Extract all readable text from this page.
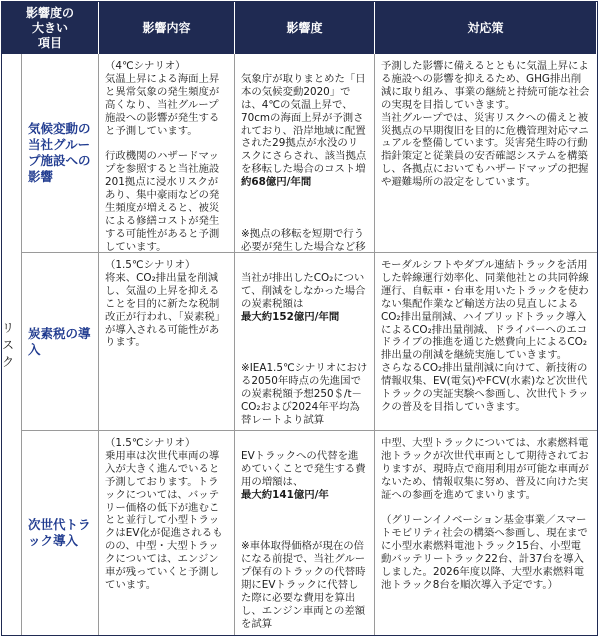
影響度の
大きい
項目
影響内容	影響度	対応策
リスク
気候変動の当社グループ施設への影響
（4℃シナリオ）
気温上昇による海面上昇と異常気象の発生頻度が高くなり、当社グループ施設への影響が発生すると予測しています。

行政機関のハザードマップを参照すると当社施設201拠点に浸水リスクがあり、集中豪雨などの発生頻度が増えると、被災による修繕コストが発生する可能性があると予測しています。

気象庁が取りまとめた「日本の気候変動2020」では、4℃の気温上昇で、70cmの海面上昇が予測されており、沿岸地域に配置された29拠点が水没のリスクにさらされ、該当拠点を移転した場合のコスト増

約68億円/年間

※拠点の移転を短期で行う必要が発生した場合など移

予測した影響に備えるとともに気温上昇による施設への影響を抑えるため、GHG排出削減に取り組み、事業の継続と持続可能な社会の実現を目指していきます。
当社グループでは、災害リスクへの備えと被災拠点の早期復旧を目的に危機管理対応マニュアルを整備しています。災害発生時の行動指針策定と従業員の安否確認システムを構築し、各拠点においてもハザードマップの把握や避難場所の設定をしています。
炭素税の導入
（1.5℃シナリオ）
将来、CO₂排出量を削減し、気温の上昇を抑えることを目的に新たな税制改正が行われ、「炭素税」が導入される可能性があります。

当社が排出したCO₂について、削減をしなかった場合の炭素税額は

最大約152億円/年間

※IEA1.5℃シナリオにおける2050年時点の先進国での炭素税額予想250＄/t－CO₂および2024年平均為替レートより試算

モーダルシフトやダブル連結トラックを活用した幹線運行効率化、同業他社との共同幹線運行、自転車・台車を用いたトラックを使わない集配作業など輸送方法の見直しによるCO₂排出量削減、ハイブリッドトラック導入によるCO₂排出量削減、ドライバーへのエコドライブの推進を通じた燃費向上によるCO₂排出量の削減を継続実施していきます。
さらなるCO₂排出量削減に向けて、新技術の情報収集、EV(電気)やFCV(水素)など次世代トラックの実証実験へ参画し、次世代トラックの普及を目指していきます。
次世代トラック導入
（1.5℃シナリオ）
乗用車は次世代車両の導入が大きく進んでいると予測しております。トラックについては、バッテリー価格の低下が進むことと並行して小型トラックはEV化が促進されるものの、中型・大型トラックについては、エンジン車が残っていくと予測しています。

EVトラックへの代替を進めていくことで発生する費用の増額は、

最大約141億円/年

※車体取得価格が現在の倍になる前提で、当社グループ保有のトラックの代替時期にEVトラックに代替した際に必要な費用を算出し、エンジン車両との差額を試算

中型、大型トラックについては、水素燃料電池トラックが次世代車両として期待されておりますが、現時点で商用利用が可能な車両がないため、情報収集に努め、普及に向けた実証への参画を進めてまいります。

（グリーンイノベーション基金事業／スマートモビリティ社会の構築へ参画し、現在までに小型水素燃料電池トラック15台、小型電動バッテリートラック22台、計37台を導入しました。2026年度以降、大型水素燃料電池トラック8台を順次導入予定です。）
